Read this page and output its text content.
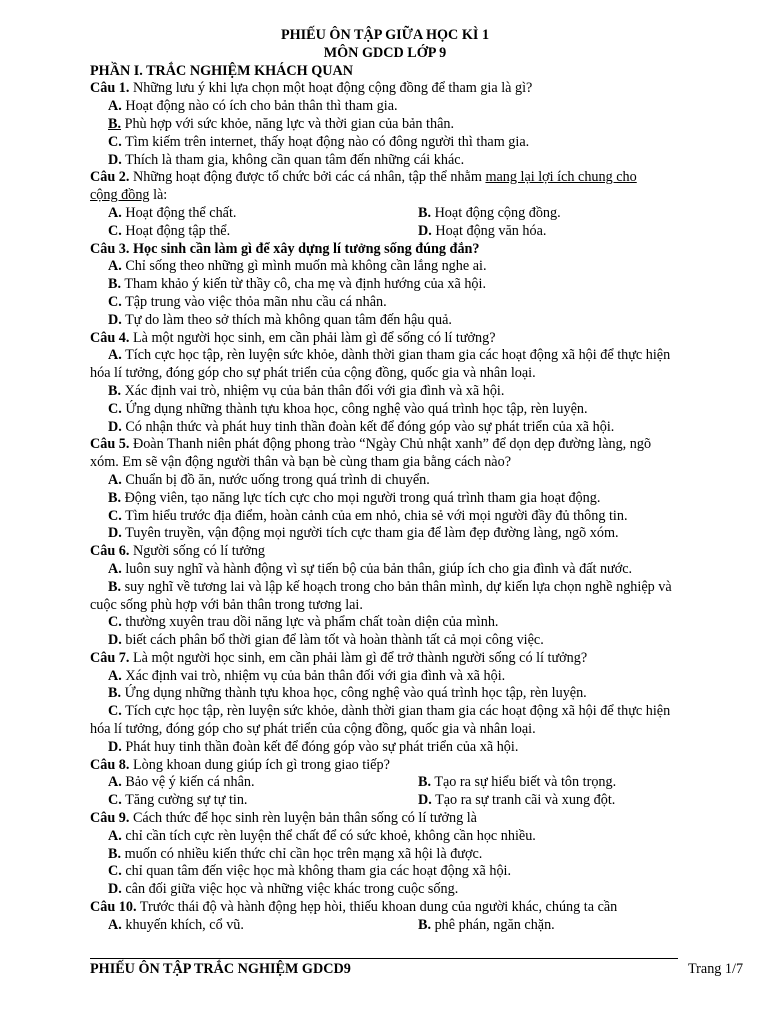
PHIẾU ÔN TẬP GIỮA HỌC KÌ 1
MÔN GDCD LỚP 9
PHẦN I. TRẮC NGHIỆM KHÁCH QUAN
Câu 1. Những lưu ý khi lựa chọn một hoạt động cộng đồng để tham gia là gì?
A. Hoạt động nào có ích cho bản thân thì tham gia.
B. Phù hợp với sức khỏe, năng lực và thời gian của bản thân.
C. Tìm kiếm trên internet, thấy hoạt động nào có đông người thì tham gia.
D. Thích là tham gia, không cần quan tâm đến những cái khác.
Câu 2. Những hoạt động được tổ chức bởi các cá nhân, tập thể nhằm mang lại lợi ích chung cho
cộng đồng là:
A. Hoạt động thể chất.	B. Hoạt động cộng đồng.
C. Hoạt động tập thể.	D. Hoạt động văn hóa.
Câu 3. Học sinh cần làm gì để xây dựng lí tưởng sống đúng đắn?
A. Chỉ sống theo những gì mình muốn mà không cần lắng nghe ai.
B. Tham khảo ý kiến từ thầy cô, cha mẹ và định hướng của xã hội.
C. Tập trung vào việc thỏa mãn nhu cầu cá nhân.
D. Tự do làm theo sở thích mà không quan tâm đến hậu quả.
Câu 4. Là một người học sinh, em cần phải làm gì để sống có lí tưởng?
A. Tích cực học tập, rèn luyện sức khỏe, dành thời gian tham gia các hoạt động xã hội để thực hiện hóa lí tưởng, đóng góp cho sự phát triển của cộng đồng, quốc gia và nhân loại.
B. Xác định vai trò, nhiệm vụ của bản thân đối với gia đình và xã hội.
C. Ứng dụng những thành tựu khoa học, công nghệ vào quá trình học tập, rèn luyện.
D. Có nhận thức và phát huy tinh thần đoàn kết để đóng góp vào sự phát triển của xã hội.
Câu 5. Đoàn Thanh niên phát động phong trào “Ngày Chủ nhật xanh” để dọn dẹp đường làng, ngõ xóm. Em sẽ vận động người thân và bạn bè cùng tham gia bằng cách nào?
A. Chuẩn bị đồ ăn, nước uống trong quá trình di chuyển.
B. Động viên, tạo năng lực tích cực cho mọi người trong quá trình tham gia hoạt động.
C. Tìm hiểu trước địa điểm, hoàn cảnh của em nhỏ, chia sẻ với mọi người đầy đủ thông tin.
D. Tuyên truyền, vận động mọi người tích cực tham gia để làm đẹp đường làng, ngõ xóm.
Câu 6. Người sống có lí tưởng
A. luôn suy nghĩ và hành động vì sự tiến bộ của bản thân, giúp ích cho gia đình và đất nước.
B. suy nghĩ về tương lai và lập kế hoạch trong cho bản thân mình, dự kiến lựa chọn nghề nghiệp và cuộc sống phù hợp với bản thân trong tương lai.
C. thường xuyên trau dồi năng lực và phẩm chất toàn diện của mình.
D. biết cách phân bổ thời gian để làm tốt và hoàn thành tất cả mọi công việc.
Câu 7. Là một người học sinh, em cần phải làm gì để trở thành người sống có lí tưởng?
A. Xác định vai trò, nhiệm vụ của bản thân đối với gia đình và xã hội.
B. Ứng dụng những thành tựu khoa học, công nghệ vào quá trình học tập, rèn luyện.
C. Tích cực học tập, rèn luyện sức khỏe, dành thời gian tham gia các hoạt động xã hội để thực hiện hóa lí tưởng, đóng góp cho sự phát triển của cộng đồng, quốc gia và nhân loại.
D. Phát huy tinh thần đoàn kết để đóng góp vào sự phát triển của xã hội.
Câu 8. Lòng khoan dung giúp ích gì trong giao tiếp?
A. Bảo vệ ý kiến cá nhân.	B. Tạo ra sự hiểu biết và tôn trọng.
C. Tăng cường sự tự tin.	D. Tạo ra sự tranh cãi và xung đột.
Câu 9. Cách thức để học sinh rèn luyện bản thân sống có lí tưởng là
A. chỉ cần tích cực rèn luyện thể chất để có sức khoẻ, không cần học nhiều.
B. muốn có nhiều kiến thức chỉ cần học trên mạng xã hội là được.
C. chỉ quan tâm đến việc học mà không tham gia các hoạt động xã hội.
D. cân đối giữa việc học và những việc khác trong cuộc sống.
Câu 10. Trước thái độ và hành động hẹp hòi, thiếu khoan dung của người khác, chúng ta cần
A. khuyến khích, cổ vũ.	B. phê phán, ngăn chặn.
PHIẾU ÔN TẬP TRẮC NGHIỆM GDCD9	Trang 1/7
